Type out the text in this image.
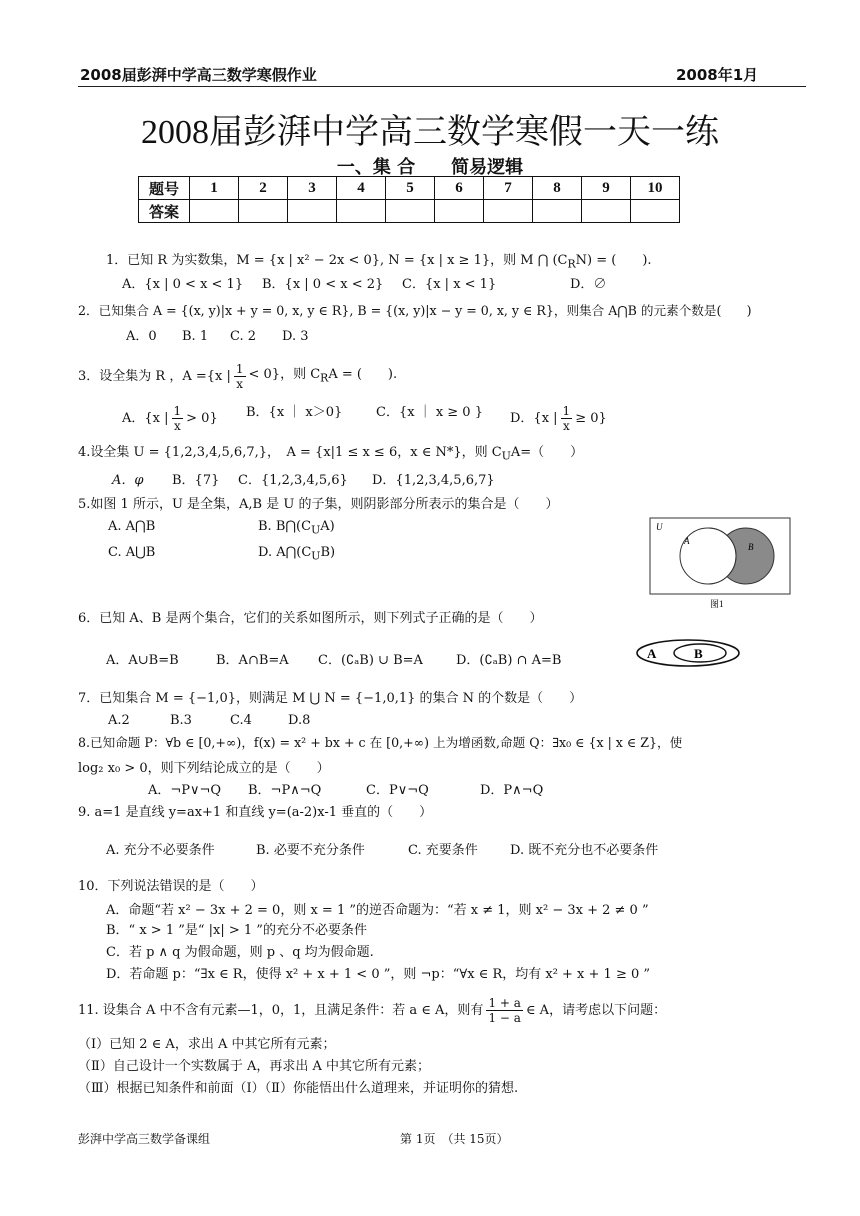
2008届彭湃中学高三数学寒假作业	2008年1月
2008届彭湃中学高三数学寒假一天一练
一、集 合　　简易逻辑
题号	1	2	3	4	5	6	7	8	9	10
答案										
1．已知 R 为实数集，M = {x | x² − 2x < 0}, N = {x | x ≥ 1}，则 M ⋂ $(C_RN)$ = (　　).
A．{x | 0 < x < 1} B．{x | 0 < x < 2} C．{x | x < 1}	D．∅
2．已知集合 A = {(x, y)|x + y = 0, x, y ∈ R}, B = {(x, y)|x − y = 0, x, y ∈ R}，则集合 A⋂B 的元素个数是(　　)
A．0 B. 1 C. 2 D. 3
3．设全集为 R ，A ={x | 1
x
< 0}，则 $C_RA$ = (　　).
A．{x | 1
x
> 0} B．{x ｜ x＞0}	C．{x ｜ x ≥ 0 } D．{x | $\frac{1}{x} \ge 0$}
4.设全集 U = {1,2,3,4,5,6,7,}，　A = {x|1 ≤ x ≤ 6，x ∈ N*}，则 $C_UA=$（　　）
A．φ B．{7} C．{1,2,3,4,5,6} D．{1,2,3,4,5,6,7}
5.如图 1 所示，U 是全集，A,B 是 U 的子集，则阴影部分所表示的集合是（　　）
A. A⋂B	B. $B⋂(C_UA)$
C. A⋃B	D. $A⋂(C_UB)$
U
A
B
图1
6．已知 A、B 是两个集合，它们的关系如图所示，则下列式子正确的是（　　）
A．A∪B=B	B．A∩B=A C．(∁ₐB) ∪ B=A	D．(∁ₐB) ∩ A=B	A	B
7．已知集合 M = {−1,0}，则满足 M ⋃ N = {−1,0,1} 的集合 N 的个数是（　　）
A.2	B.3	C.4	D.8
8.已知命题 P：∀b ∈ [0,+∞)，f(x) = x² + bx + c 在 [0,+∞) 上为增函数,命题 Q：∃x₀ ∈ {x | x ∈ Z}，使
log₂ x₀ > 0，则下列结论成立的是（　　）
A．¬P∨¬Q B．¬P∧¬Q	C．P∨¬Q	D．P∧¬Q
9. a=1 是直线 y=ax+1 和直线 y=(a-2)x-1 垂直的（　　）
A. 充分不必要条件	B. 必要不充分条件	C. 充要条件 D. 既不充分也不必要条件
10．下列说法错误的是（　　）
A．命题“若 x² − 3x + 2 = 0，则 x = 1 ”的逆否命题为：“若 x ≠ 1，则 x² − 3x + 2 ≠ 0 ”
B．“ x > 1 ”是“ |x| > 1 ”的充分不必要条件
C．若 p ∧ q 为假命题，则 p 、q 均为假命题.
D．若命题 p：“∃x ∈ R，使得 x² + x + 1 < 0 ”，则 ¬p：“∀x ∈ R，均有 x² + x + 1 ≥ 0 ”
11. 设集合 A 中不含有元素—1，0，1，且满足条件：若 a ∈ A，则有 1 + a
1 − a
∈ A，请考虑以下问题：
（Ⅰ）已知 2 ∈ A，求出 A 中其它所有元素；
（Ⅱ）自己设计一个实数属于 A，再求出 A 中其它所有元素；
（Ⅲ）根据已知条件和前面（Ⅰ）（Ⅱ）你能悟出什么道理来，并证明你的猜想.
彭湃中学高三数学备课组	第 1页　（共 15页）
